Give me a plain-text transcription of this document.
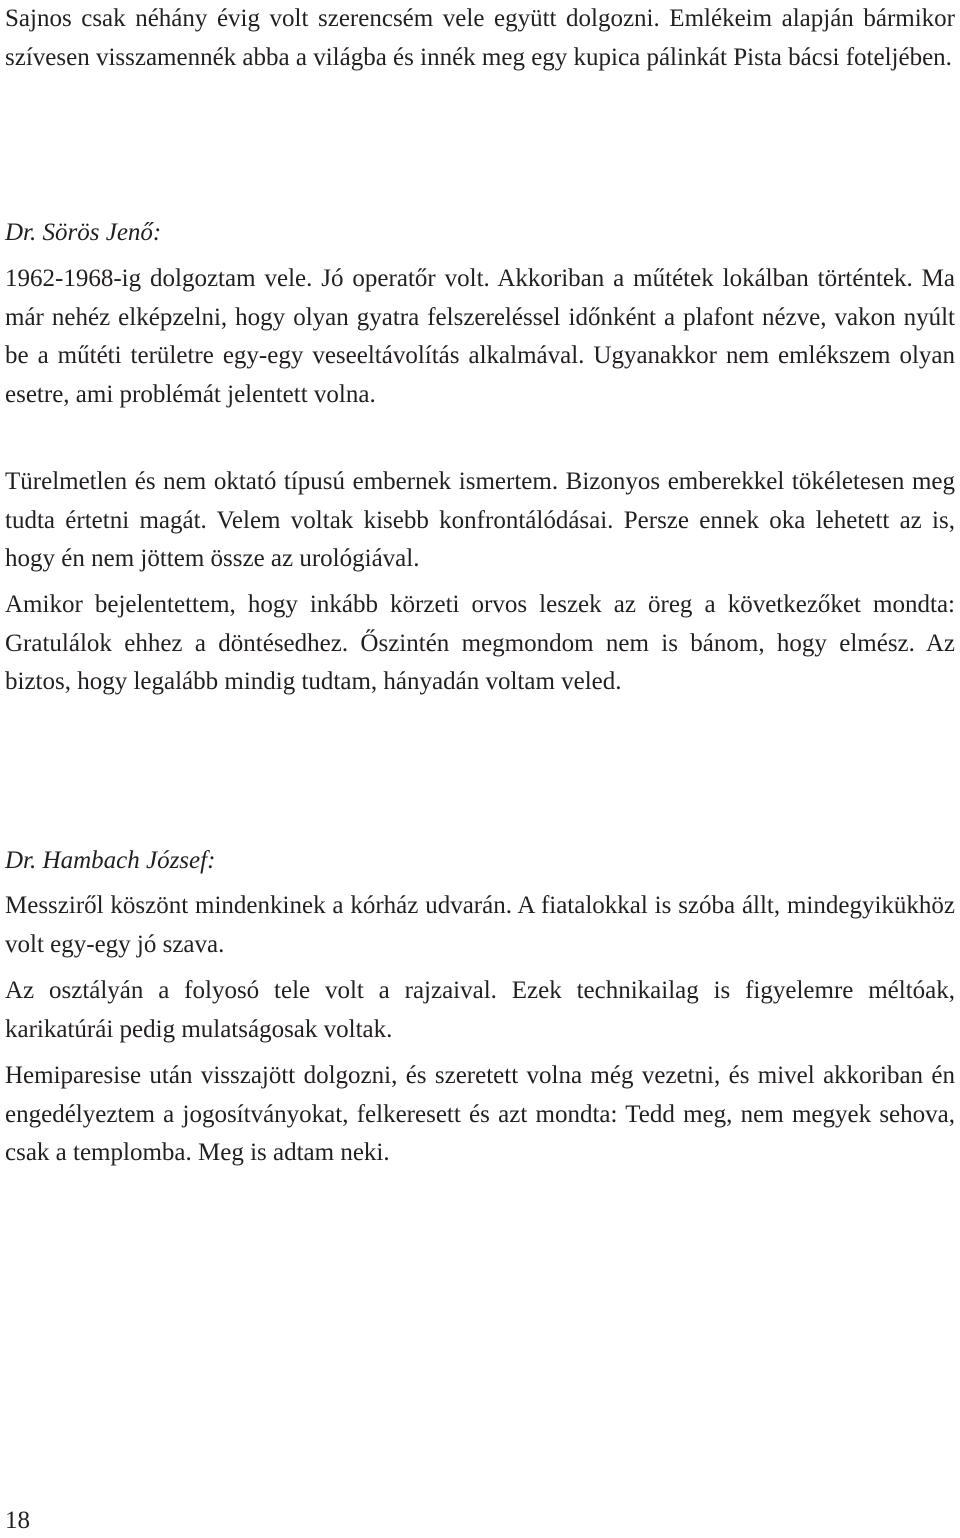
Sajnos csak néhány évig volt szerencsém vele együtt dolgozni. Emlékeim alapján bármikor szívesen visszamennék abba a világba és innék meg egy kupica pálinkát Pista bácsi foteljében.

Dr. Sörös Jenő:

1962-1968-ig dolgoztam vele. Jó operatőr volt. Akkoriban a műtétek lokálban történtek. Ma már nehéz elképzelni, hogy olyan gyatra felszereléssel időnként a plafont nézve, vakon nyúlt be a műtéti területre egy-egy veseeltávolítás alkalmával. Ugyanakkor nem emlékszem olyan esetre, ami problémát jelentett volna.

Türelmetlen és nem oktató típusú embernek ismertem. Bizonyos emberekkel tökéletesen meg tudta értetni magát. Velem voltak kisebb konfrontálódásai. Persze ennek oka lehetett az is, hogy én nem jöttem össze az urológiával.

Amikor bejelentettem, hogy inkább körzeti orvos leszek az öreg a következőket mondta: Gratulálok ehhez a döntésedhez. Őszintén megmondom nem is bánom, hogy elmész. Az biztos, hogy legalább mindig tudtam, hányadán voltam veled.

Dr. Hambach József:

Messziről köszönt mindenkinek a kórház udvarán. A fiatalokkal is szóba állt, mindegyikükhöz volt egy-egy jó szava.

Az osztályán a folyosó tele volt a rajzaival. Ezek technikailag is figyelemre méltóak, karikatúrái pedig mulatságosak voltak.

Hemiparesise után visszajött dolgozni, és szeretett volna még vezetni, és mivel akkoriban én engedélyeztem a jogosítványokat, felkeresett és azt mondta: Tedd meg, nem megyek sehova, csak a templomba. Meg is adtam neki.

18
